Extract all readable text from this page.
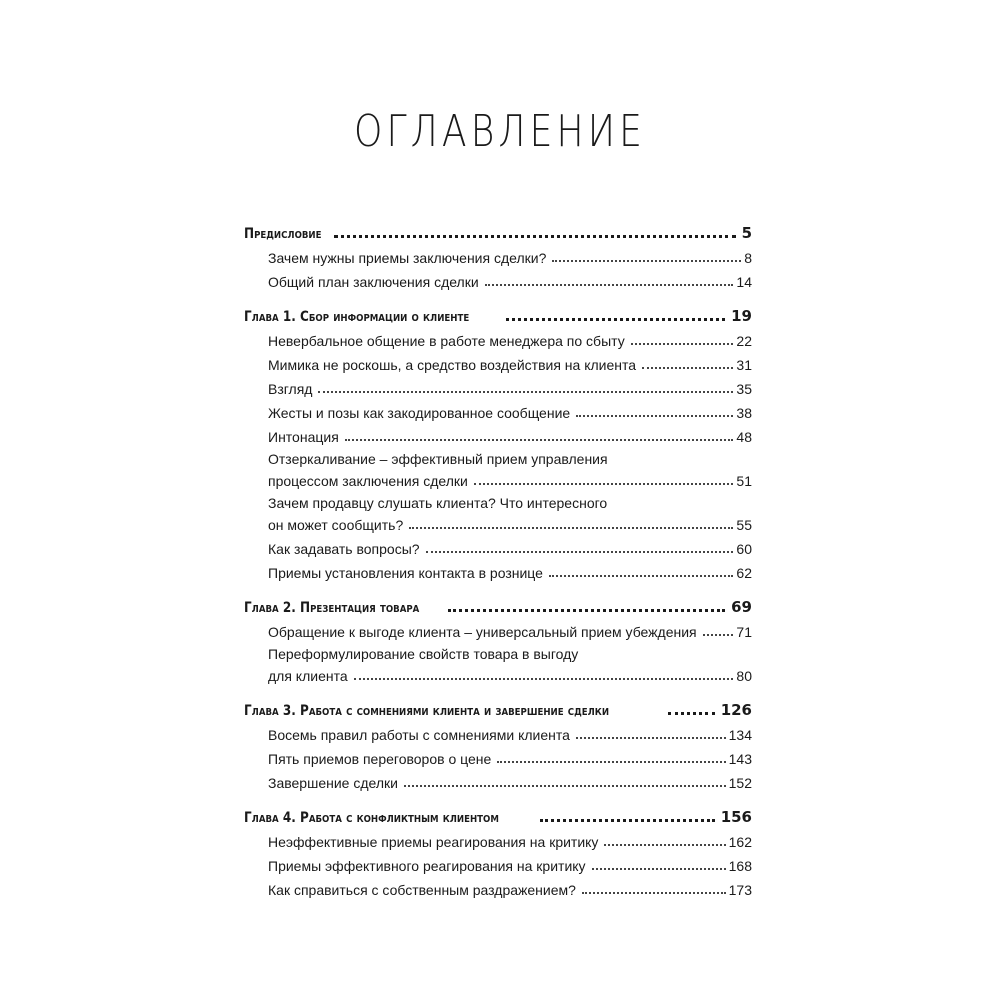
ОГЛАВЛЕНИЕ
Предисловие	5
Зачем нужны приемы заключения сделки?	8
Общий план заключения сделки	14
Глава 1. Сбор информации о клиенте	19
Невербальное общение в работе менеджера по сбыту	22
Мимика не роскошь, а средство воздействия на клиента	31
Взгляд	35
Жесты и позы как закодированное сообщение	38
Интонация	48
Отзеркаливание – эффективный прием управления
процессом заключения сделки	51
Зачем продавцу слушать клиента? Что интересного
он может сообщить?	55
Как задавать вопросы?	60
Приемы установления контакта в рознице	62
Глава 2. Презентация товара	69
Обращение к выгоде клиента – универсальный прием убеждения	71
Переформулирование свойств товара в выгоду
для клиента	80
Глава 3. Работа с сомнениями клиента и завершение сделки	126
Восемь правил работы с сомнениями клиента	134
Пять приемов переговоров о цене	143
Завершение сделки	152
Глава 4. Работа с конфликтным клиентом	156
Неэффективные приемы реагирования на критику	162
Приемы эффективного реагирования на критику	168
Как справиться с собственным раздражением?	173
